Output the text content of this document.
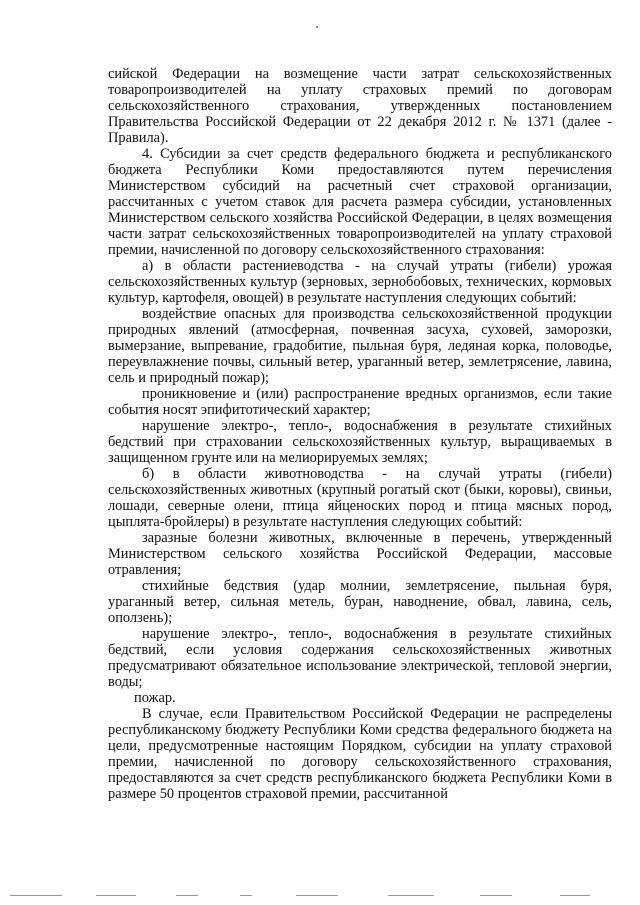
сийской Федерации на возмещение части затрат сельскохозяйственных товаропроизводителей на уплату страховых премий по договорам сельскохозяйственного страхования, утвержденных постановлением Правительства Российской Федерации от 22 декабря 2012 г. № 1371 (далее - Правила).

4. Субсидии за счет средств федерального бюджета и республиканского бюджета Республики Коми предоставляются путем перечисления Министерством субсидий на расчетный счет страховой организации, рассчитанных с учетом ставок для расчета размера субсидии, установленных Министерством сельского хозяйства Российской Федерации, в целях возмещения части затрат сельскохозяйственных товаропроизводителей на уплату страховой премии, начисленной по договору сельскохозяйственного страхования:

а) в области растениеводства - на случай утраты (гибели) урожая сельскохозяйственных культур (зерновых, зернобобовых, технических, кормовых культур, картофеля, овощей) в результате наступления следующих событий:

воздействие опасных для производства сельскохозяйственной продукции природных явлений (атмосферная, почвенная засуха, суховей, заморозки, вымерзание, выпревание, градобитие, пыльная буря, ледяная корка, половодье, переувлажнение почвы, сильный ветер, ураганный ветер, землетрясение, лавина, сель и природный пожар);

проникновение и (или) распространение вредных организмов, если такие события носят эпифитотический характер;

нарушение электро-, тепло-, водоснабжения в результате стихийных бедствий при страховании сельскохозяйственных культур, выращиваемых в защищенном грунте или на мелиорируемых землях;

б) в области животноводства - на случай утраты (гибели) сельскохозяйственных животных (крупный рогатый скот (быки, коровы), свиньи, лошади, северные олени, птица яйценоских пород и птица мясных пород, цыплята-бройлеры) в результате наступления следующих событий:

заразные болезни животных, включенные в перечень, утвержденный Министерством сельского хозяйства Российской Федерации, массовые отравления;

стихийные бедствия (удар молнии, землетрясение, пыльная буря, ураганный ветер, сильная метель, буран, наводнение, обвал, лавина, сель, оползень);

нарушение электро-, тепло-, водоснабжения в результате стихийных бедствий, если условия содержания сельскохозяйственных животных предусматривают обязательное использование электрической, тепловой энергии, воды;

пожар.

В случае, если Правительством Российской Федерации не распределены республиканскому бюджету Республики Коми средства федерального бюджета на цели, предусмотренные настоящим Порядком, субсидии на уплату страховой премии, начисленной по договору сельскохозяйственного страхования, предоставляются за счет средств республиканского бюджета Республики Коми в размере 50 процентов страховой премии, рассчитанной
